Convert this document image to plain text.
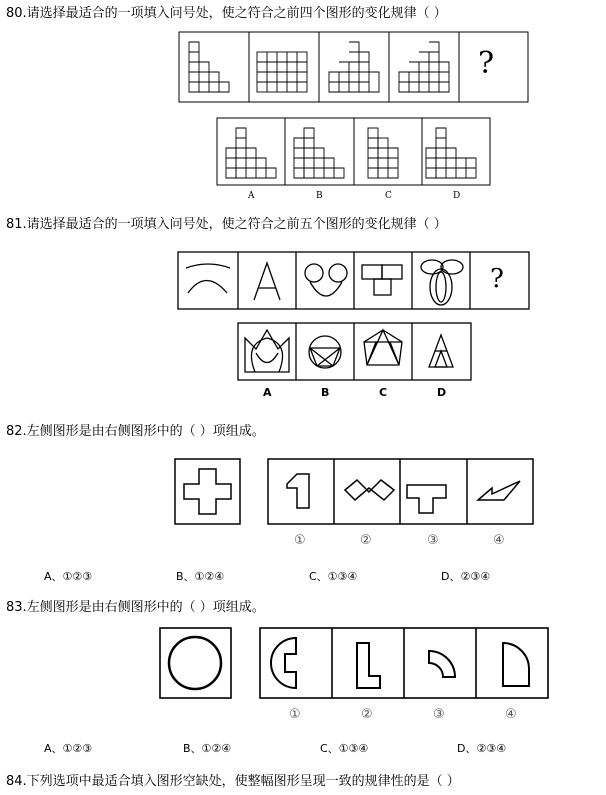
80.请选择最适合的一项填入问号处，使之符合之前四个图形的变化规律（ ）
81.请选择最适合的一项填入问号处，使之符合之前五个图形的变化规律（ ）
82.左侧图形是由右侧图形中的（ ）项组成。
83.左侧图形是由右侧图形中的（ ）项组成。
84.下列选项中最适合填入图形空缺处，使整幅图形呈现一致的规律性的是（ ）
?
?
A	B	C	D
A	B	C	D
①	②	③	④
A、①②③	B、①②④	C、①③④	D、②③④
①	②	③	④
A、①②③	B、①②④	C、①③④	D、②③④
